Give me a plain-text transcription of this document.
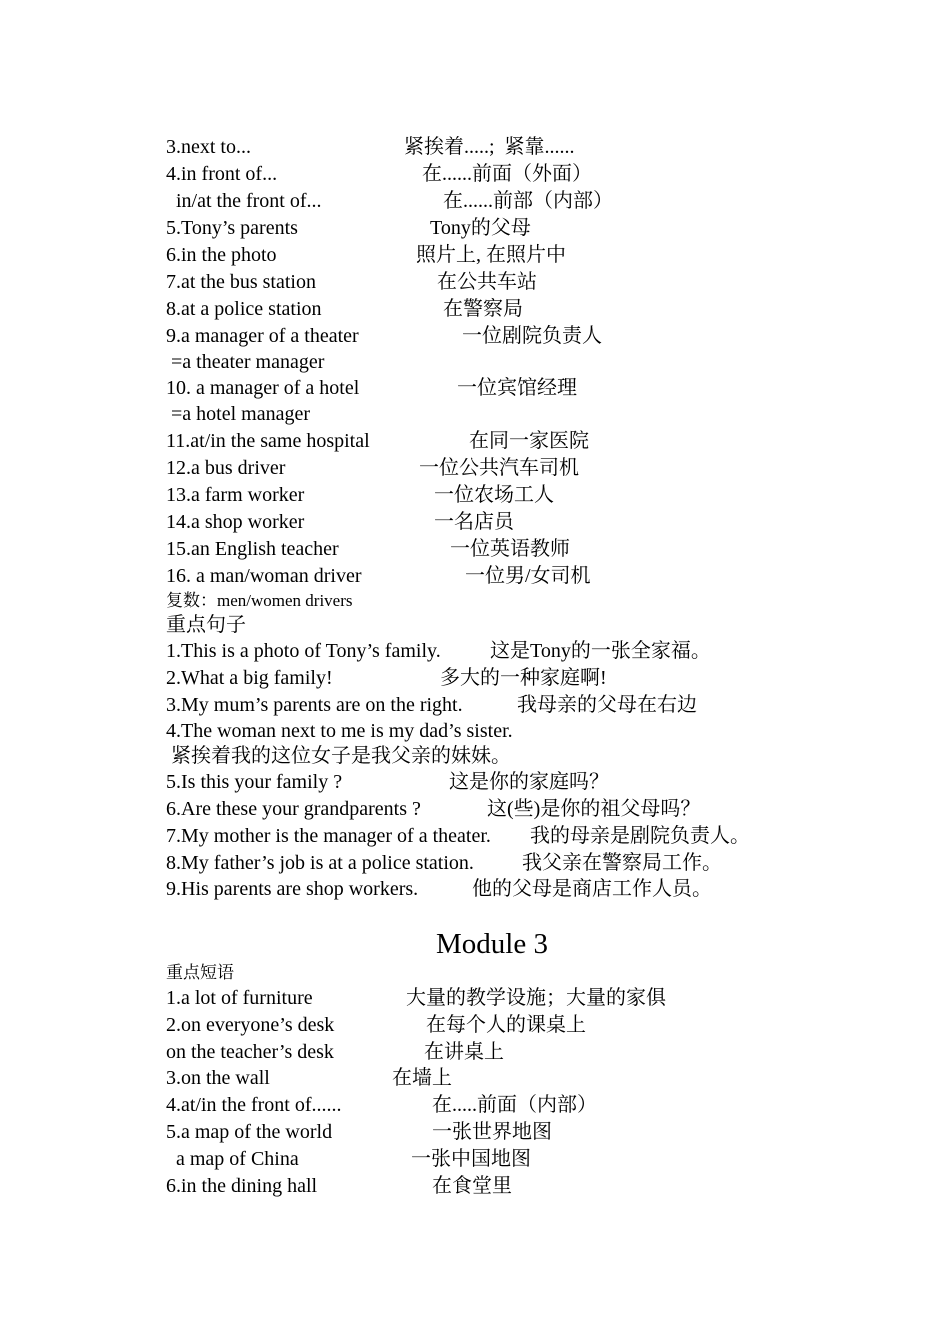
3.next to...

	紧挨着.....;  紧靠......

4.in front of...

	在......前面（外面）

in/at the front of...

	在......前部（内部）

5.Tony’s parents

	Tony的父母

6.in the photo

	照片上, 在照片中

7.at the bus station

	在公共车站

8.at a police station

	在警察局

9.a manager of a theater

	一位剧院负责人

=a theater manager

10. a manager of a hotel

	一位宾馆经理

=a hotel manager

11.at/in the same hospital

	在同一家医院

12.a bus driver

	一位公共汽车司机

13.a farm worker

	一位农场工人

14.a shop worker

	一名店员

15.an English teacher

	一位英语教师

16. a man/woman driver

	一位男/女司机

复数：men/women drivers
重点句子

1.This is a photo of Tony’s family.

这是Tony的一张全家福。

2.What a big family!

	多大的一种家庭啊!

3.My mum’s parents are on the right.

	我母亲的父母在右边

4.The woman next to me is my dad’s sister.

紧挨着我的这位女子是我父亲的妹妹。

5.Is this your family ?

	这是你的家庭吗？

6.Are these your grandparents ?

	这(些)是你的祖父母吗？

7.My mother is the manager of a theater.

我的母亲是剧院负责人。

8.My father’s job is at a police station.

我父亲在警察局工作。

9.His parents are shop workers.

	他的父母是商店工作人员。

Module 3
重点短语

1.a lot of furniture

	大量的教学设施；大量的家俱

2.on everyone’s desk

	在每个人的课桌上

on the teacher’s desk

	在讲桌上

3.on the wall

	在墙上

4.at/in the front of......

	在.....前面（内部）

5.a map of the world

	一张世界地图

a map of China

	一张中国地图

6.in the dining hall

	在食堂里
